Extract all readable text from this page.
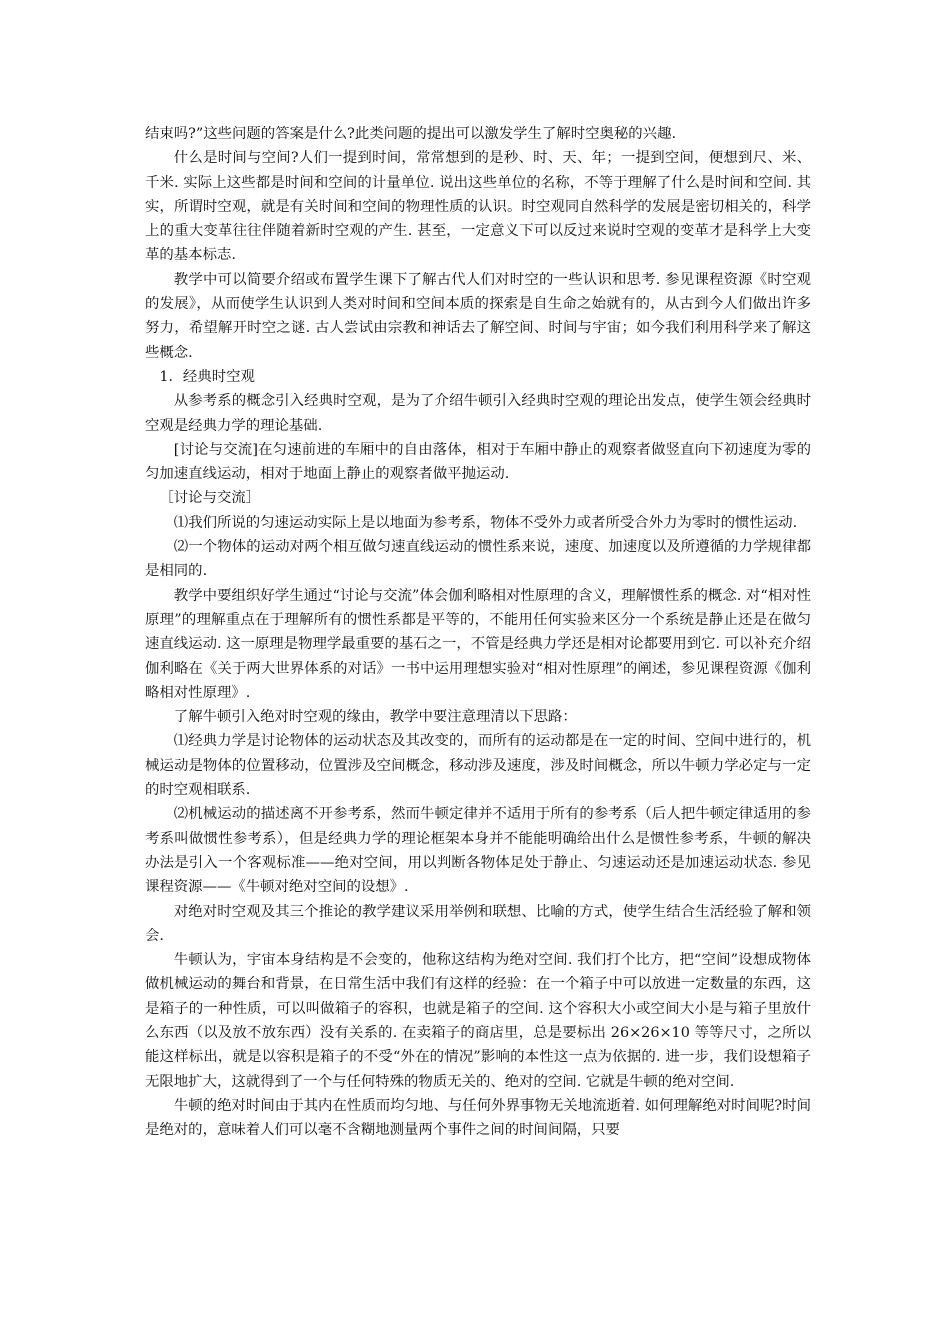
结束吗?”这些问题的答案是什么?此类问题的提出可以激发学生了解时空奥秘的兴趣.

什么是时间与空间?人们一提到时间，常常想到的是秒、时、天、年；一提到空间，便想到尺、米、千米. 实际上这些都是时间和空间的计量单位. 说出这些单位的名称，不等于理解了什么是时间和空间. 其实，所谓时空观，就是有关时间和空间的物理性质的认识。时空观同自然科学的发展是密切相关的，科学上的重大变革往往伴随着新时空观的产生. 甚至，一定意义下可以反过来说时空观的变革才是科学上大变革的基本标志.

教学中可以简要介绍或布置学生课下了解古代人们对时空的一些认识和思考. 参见课程资源《时空观的发展》，从而使学生认识到人类对时间和空间本质的探索是自生命之始就有的，从古到今人们做出许多努力，希望解开时空之谜. 古人尝试由宗教和神话去了解空间、时间与宇宙；如今我们利用科学来了解这些概念.

1．经典时空观

从参考系的概念引入经典时空观，是为了介绍牛顿引入经典时空观的理论出发点，使学生领会经典时空观是经典力学的理论基础.

[讨论与交流]在匀速前进的车厢中的自由落体，相对于车厢中静止的观察者做竖直向下初速度为零的匀加速直线运动，相对于地面上静止的观察者做平抛运动.

［讨论与交流］

⑴我们所说的匀速运动实际上是以地面为参考系，物体不受外力或者所受合外力为零时的惯性运动.

⑵一个物体的运动对两个相互做匀速直线运动的惯性系来说，速度、加速度以及所遵循的力学规律都是相同的.

教学中要组织好学生通过“讨论与交流”体会伽利略相对性原理的含义，理解惯性系的概念. 对“相对性原理”的理解重点在于理解所有的惯性系都是平等的，不能用任何实验来区分一个系统是静止还是在做匀速直线运动. 这一原理是物理学最重要的基石之一，不管是经典力学还是相对论都要用到它. 可以补充介绍伽利略在《关于两大世界体系的对话》一书中运用理想实验对“相对性原理”的阐述，参见课程资源《伽利略相对性原理》.

了解牛顿引入绝对时空观的缘由，教学中要注意理清以下思路：

⑴经典力学是讨论物体的运动状态及其改变的，而所有的运动都是在一定的时间、空间中进行的，机械运动是物体的位置移动，位置涉及空间概念，移动涉及速度，涉及时间概念，所以牛顿力学必定与一定的时空观相联系.

⑵机械运动的描述离不开参考系，然而牛顿定律并不适用于所有的参考系（后人把牛顿定律适用的参考系叫做惯性参考系），但是经典力学的理论框架本身并不能能明确给出什么是惯性参考系，牛顿的解决办法是引入一个客观标准——绝对空间，用以判断各物体足处于静止、匀速运动还是加速运动状态. 参见课程资源——《牛顿对绝对空间的设想》.

对绝对时空观及其三个推论的教学建议采用举例和联想、比喻的方式，使学生结合生活经验了解和领会.

牛顿认为，宇宙本身结构是不会变的，他称这结构为绝对空间. 我们打个比方，把“空间”设想成物体做机械运动的舞台和背景，在日常生活中我们有这样的经验：在一个箱子中可以放进一定数量的东西，这是箱子的一种性质，可以叫做箱子的容积，也就是箱子的空间. 这个容积大小或空间大小是与箱子里放什么东西（以及放不放东西）没有关系的. 在卖箱子的商店里，总是要标出 26×26×10 等等尺寸，之所以能这样标出，就是以容积是箱子的不受“外在的情况”影响的本性这一点为依据的. 进一步，我们设想箱子无限地扩大，这就得到了一个与任何特殊的物质无关的、绝对的空间. 它就是牛顿的绝对空间.

牛顿的绝对时间由于其内在性质而均匀地、与任何外界事物无关地流逝着. 如何理解绝对时间呢?时间是绝对的，意味着人们可以毫不含糊地测量两个事件之间的时间间隔，只要
